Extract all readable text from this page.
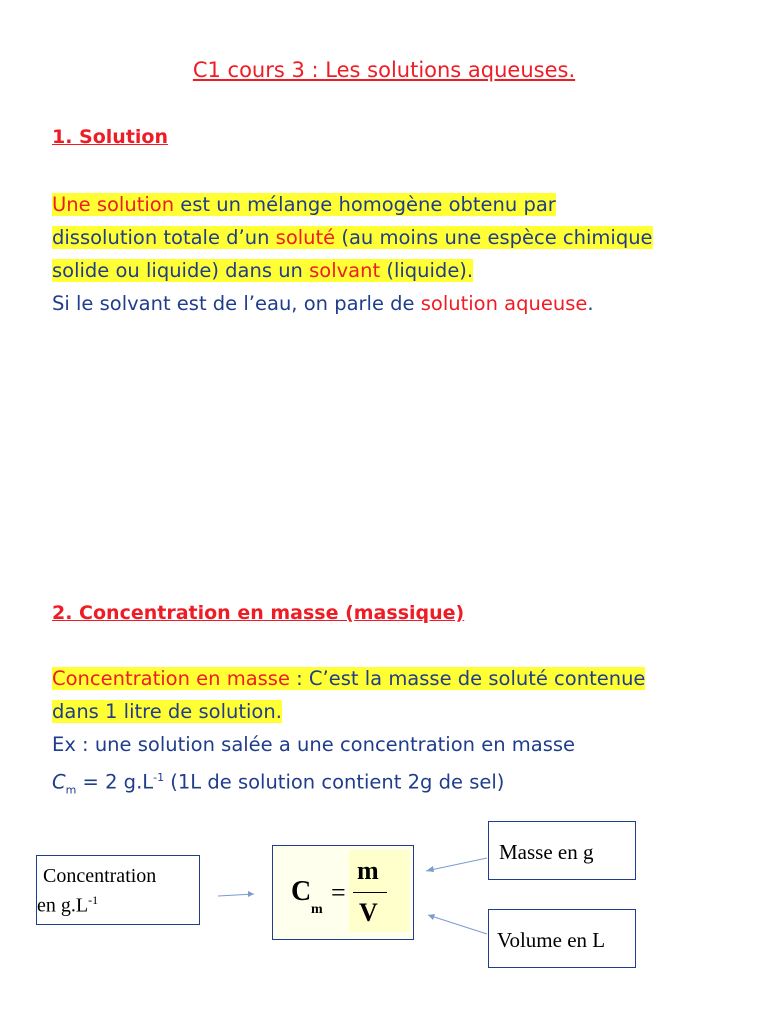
C1 cours 3 : Les solutions aqueuses.
1. Solution
Une solution est un mélange homogène obtenu par
dissolution totale d’un soluté (au moins une espèce chimique
solide ou liquide) dans un solvant (liquide).
Si le solvant est de l’eau, on parle de solution aqueuse.
2. Concentration en masse (massique)
Concentration en masse : C’est la masse de soluté contenue
dans 1 litre de solution.
Ex : une solution salée a une concentration en masse
$C_m = 2$ $g.L^{-1}$ (1L de solution contient 2g de sel)
Concentration
en $g.L^{-1}$	C
m
=
m
V
Masse en g
Volume en L
